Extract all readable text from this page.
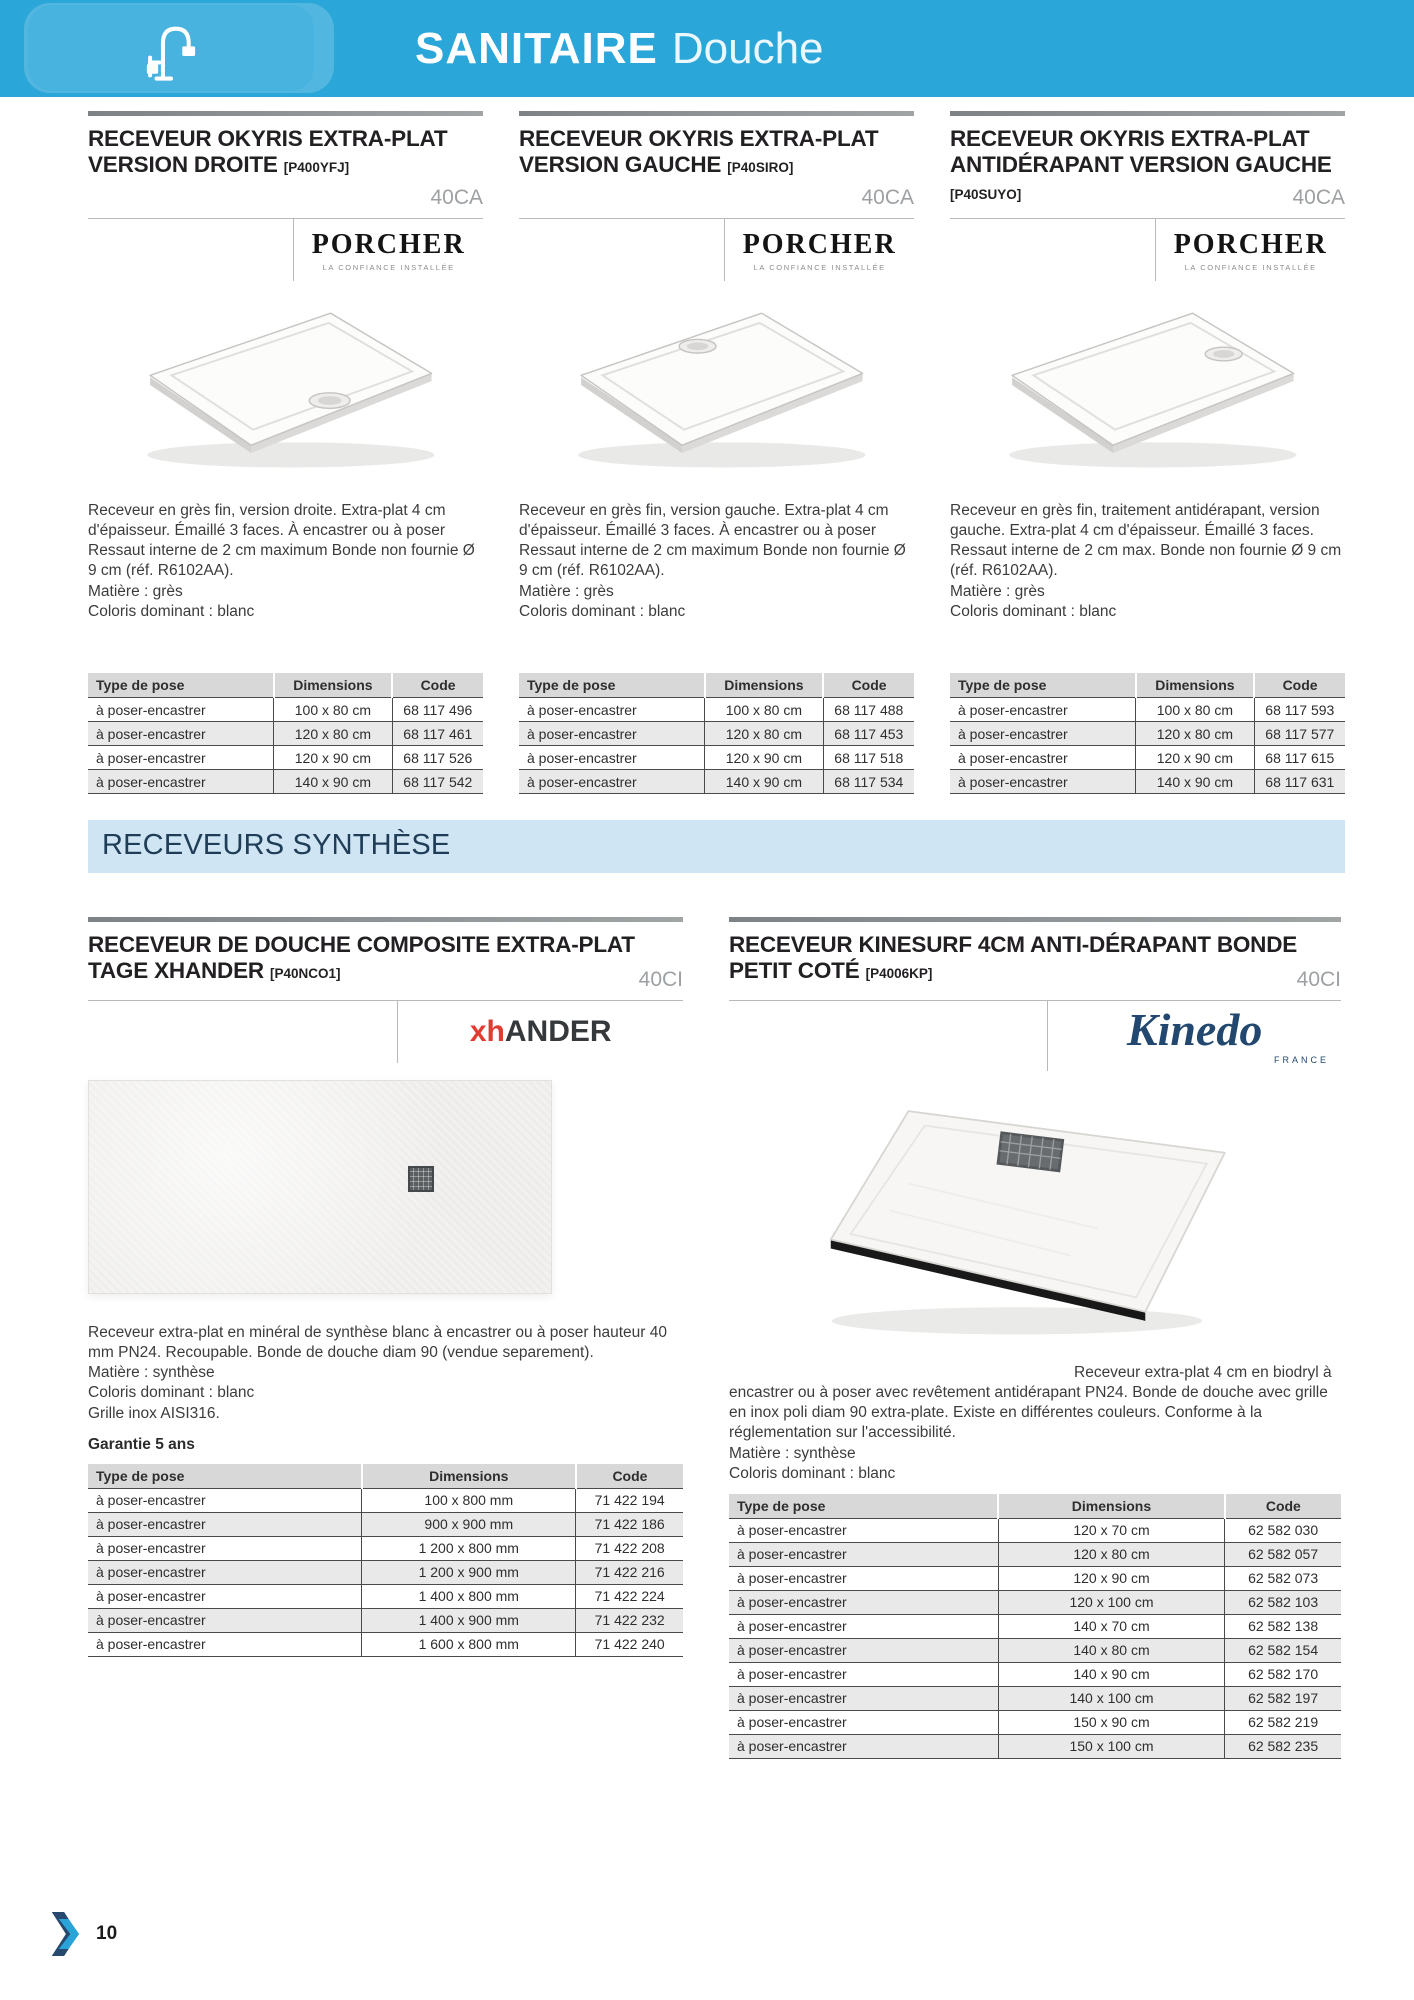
SANITAIRE Douche
RECEVEUR OKYRIS EXTRA-PLAT VERSION DROITE [P400YFJ]
40CA
PORCHER
LA CONFIANCE INSTALLÉE

Receveur en grès fin, version droite. Extra-plat 4 cm d'épaisseur. Émaillé 3 faces. À encastrer ou à poser Ressaut interne de 2 cm maximum Bonde non fournie Ø 9 cm (réf. R6102AA).

Matière : grès
Coloris dominant : blanc
Type de pose	Dimensions	Code
à poser-encastrer	100 x 80 cm	68 117 496
à poser-encastrer	120 x 80 cm	68 117 461
à poser-encastrer	120 x 90 cm	68 117 526
à poser-encastrer	140 x 90 cm	68 117 542
RECEVEUR OKYRIS EXTRA-PLAT VERSION GAUCHE [P40SIRO]
40CA
PORCHER
LA CONFIANCE INSTALLÉE

Receveur en grès fin, version gauche. Extra-plat 4 cm d'épaisseur. Émaillé 3 faces. À encastrer ou à poser Ressaut interne de 2 cm maximum Bonde non fournie Ø 9 cm (réf. R6102AA).

Matière : grès
Coloris dominant : blanc
Type de pose	Dimensions	Code
à poser-encastrer	100 x 80 cm	68 117 488
à poser-encastrer	120 x 80 cm	68 117 453
à poser-encastrer	120 x 90 cm	68 117 518
à poser-encastrer	140 x 90 cm	68 117 534
RECEVEUR OKYRIS EXTRA-PLAT ANTIDÉRAPANT VERSION GAUCHE [P40SUYO]	40CA
PORCHER
LA CONFIANCE INSTALLÉE

Receveur en grès fin, traitement antidérapant, version gauche. Extra-plat 4 cm d'épaisseur. Émaillé 3 faces. Ressaut interne de 2 cm max. Bonde non fournie Ø 9 cm (réf. R6102AA).

Matière : grès
Coloris dominant : blanc
Type de pose	Dimensions	Code
à poser-encastrer	100 x 80 cm	68 117 593
à poser-encastrer	120 x 80 cm	68 117 577
à poser-encastrer	120 x 90 cm	68 117 615
à poser-encastrer	140 x 90 cm	68 117 631
RECEVEURS SYNTHÈSE
RECEVEUR DE DOUCHE COMPOSITE EXTRA-PLAT TAGE XHANDER [P40NCO1]	40CI
xhANDER

Receveur extra-plat en minéral de synthèse blanc à encastrer ou à poser hauteur 40 mm PN24. Recoupable. Bonde de douche diam 90 (vendue separement).

Matière : synthèse
Coloris dominant : blanc
Grille inox AISI316.
Garantie 5 ans
Type de pose	Dimensions	Code
à poser-encastrer	100 x 800 mm	71 422 194
à poser-encastrer	900 x 900 mm	71 422 186
à poser-encastrer	1 200 x 800 mm	71 422 208
à poser-encastrer	1 200 x 900 mm	71 422 216
à poser-encastrer	1 400 x 800 mm	71 422 224
à poser-encastrer	1 400 x 900 mm	71 422 232
à poser-encastrer	1 600 x 800 mm	71 422 240
RECEVEUR KINESURF 4CM ANTI-DÉRAPANT BONDE PETIT COTÉ [P4006KP]	40CI
Kinedo
FRANCE

Receveur extra-plat 4 cm en biodryl à encastrer ou à poser avec revêtement antidérapant PN24. Bonde de douche avec grille en inox poli diam 90 extra-plate. Existe en différentes couleurs. Conforme à la réglementation sur l'accessibilité.

Matière : synthèse
Coloris dominant : blanc
Type de pose	Dimensions	Code
à poser-encastrer	120 x 70 cm	62 582 030
à poser-encastrer	120 x 80 cm	62 582 057
à poser-encastrer	120 x 90 cm	62 582 073
à poser-encastrer	120 x 100 cm	62 582 103
à poser-encastrer	140 x 70 cm	62 582 138
à poser-encastrer	140 x 80 cm	62 582 154
à poser-encastrer	140 x 90 cm	62 582 170
à poser-encastrer	140 x 100 cm	62 582 197
à poser-encastrer	150 x 90 cm	62 582 219
à poser-encastrer	150 x 100 cm	62 582 235
10
